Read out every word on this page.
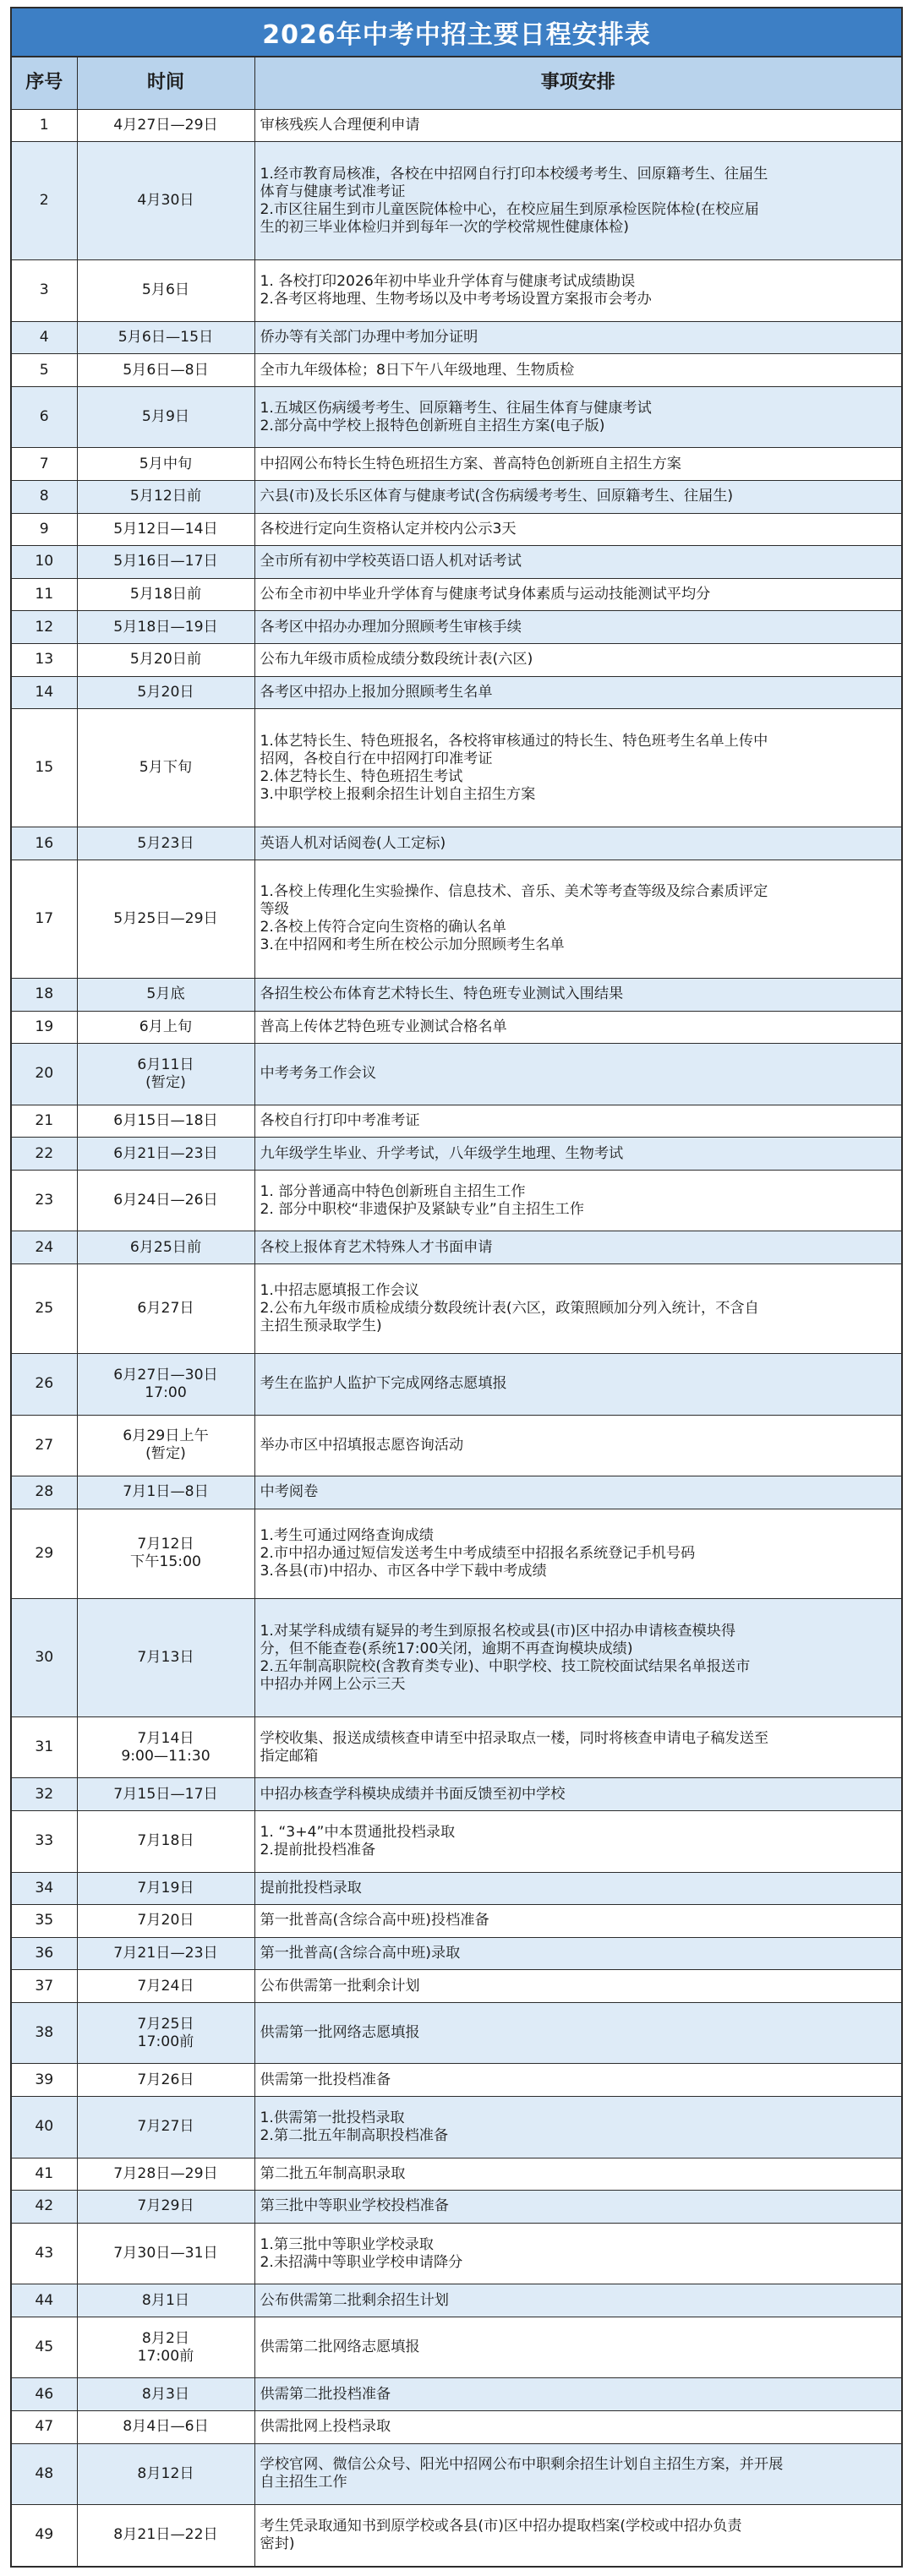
2026年中考中招主要日程安排表
序号	时间	事项安排
1	4月27日—29日	审核残疾人合理便利申请

2	4月30日	1.经市教育局核准，各校在中招网自行打印本校缓考考生、回原籍考生、往届生
体育与健康考试准考证
2.市区往届生到市儿童医院体检中心，在校应届生到原承检医院体检(在校应届
生的初三毕业体检归并到每年一次的学校常规性健康体检)

3	5月6日	1. 各校打印2026年初中毕业升学体育与健康考试成绩勘误
2.各考区将地理、生物考场以及中考考场设置方案报市会考办

4	5月6日—15日	侨办等有关部门办理中考加分证明

5	5月6日—8日	全市九年级体检；8日下午八年级地理、生物质检

6	5月9日	1.五城区伤病缓考考生、回原籍考生、往届生体育与健康考试
2.部分高中学校上报特色创新班自主招生方案(电子版)

7	5月中旬	中招网公布特长生特色班招生方案、普高特色创新班自主招生方案

8	5月12日前	六县(市)及长乐区体育与健康考试(含伤病缓考考生、回原籍考生、往届生)

9	5月12日—14日	各校进行定向生资格认定并校内公示3天

10	5月16日—17日	全市所有初中学校英语口语人机对话考试

11	5月18日前	公布全市初中毕业升学体育与健康考试身体素质与运动技能测试平均分

12	5月18日—19日	各考区中招办办理加分照顾考生审核手续

13	5月20日前	公布九年级市质检成绩分数段统计表(六区)

14	5月20日	各考区中招办上报加分照顾考生名单

15	5月下旬	1.体艺特长生、特色班报名，各校将审核通过的特长生、特色班考生名单上传中
招网，各校自行在中招网打印准考证
2.体艺特长生、特色班招生考试
3.中职学校上报剩余招生计划自主招生方案

16	5月23日	英语人机对话阅卷(人工定标)

17	5月25日—29日	1.各校上传理化生实验操作、信息技术、音乐、美术等考查等级及综合素质评定
等级
2.各校上传符合定向生资格的确认名单
3.在中招网和考生所在校公示加分照顾考生名单

18	5月底	各招生校公布体育艺术特长生、特色班专业测试入围结果

19	6月上旬	普高上传体艺特色班专业测试合格名单

20	6月11日
(暂定)	中考考务工作会议

21	6月15日—18日	各校自行打印中考准考证

22	6月21日—23日	九年级学生毕业、升学考试，八年级学生地理、生物考试

23	6月24日—26日	1. 部分普通高中特色创新班自主招生工作
2. 部分中职校“非遗保护及紧缺专业”自主招生工作

24	6月25日前	各校上报体育艺术特殊人才书面申请

25	6月27日	1.中招志愿填报工作会议
2.公布九年级市质检成绩分数段统计表(六区，政策照顾加分列入统计，不含自
主招生预录取学生)

26	6月27日—30日
17:00	考生在监护人监护下完成网络志愿填报

27	6月29日上午
(暂定)	举办市区中招填报志愿咨询活动

28	7月1日—8日	中考阅卷

29	7月12日
下午15:00	1.考生可通过网络查询成绩
2.市中招办通过短信发送考生中考成绩至中招报名系统登记手机号码
3.各县(市)中招办、市区各中学下载中考成绩

30	7月13日	1.对某学科成绩有疑异的考生到原报名校或县(市)区中招办申请核查模块得
分，但不能查卷(系统17:00关闭，逾期不再查询模块成绩)
2.五年制高职院校(含教育类专业)、中职学校、技工院校面试结果名单报送市
中招办并网上公示三天

31	7月14日
9:00—11:30	学校收集、报送成绩核查申请至中招录取点一楼，同时将核查申请电子稿发送至
指定邮箱

32	7月15日—17日	中招办核查学科模块成绩并书面反馈至初中学校

33	7月18日	1. “3+4”中本贯通批投档录取
2.提前批投档准备

34	7月19日	提前批投档录取

35	7月20日	第一批普高(含综合高中班)投档准备

36	7月21日—23日	第一批普高(含综合高中班)录取

37	7月24日	公布供需第一批剩余计划

38	7月25日
17:00前	供需第一批网络志愿填报

39	7月26日	供需第一批投档准备

40	7月27日	1.供需第一批投档录取
2.第二批五年制高职投档准备

41	7月28日—29日	第二批五年制高职录取

42	7月29日	第三批中等职业学校投档准备

43	7月30日—31日	1.第三批中等职业学校录取
2.未招满中等职业学校申请降分

44	8月1日	公布供需第二批剩余招生计划

45	8月2日
17:00前	供需第二批网络志愿填报

46	8月3日	供需第二批投档准备

47	8月4日—6日	供需批网上投档录取

48	8月12日	学校官网、微信公众号、阳光中招网公布中职剩余招生计划自主招生方案，并开展
自主招生工作

49	8月21日—22日	考生凭录取通知书到原学校或各县(市)区中招办提取档案(学校或中招办负责
密封)
